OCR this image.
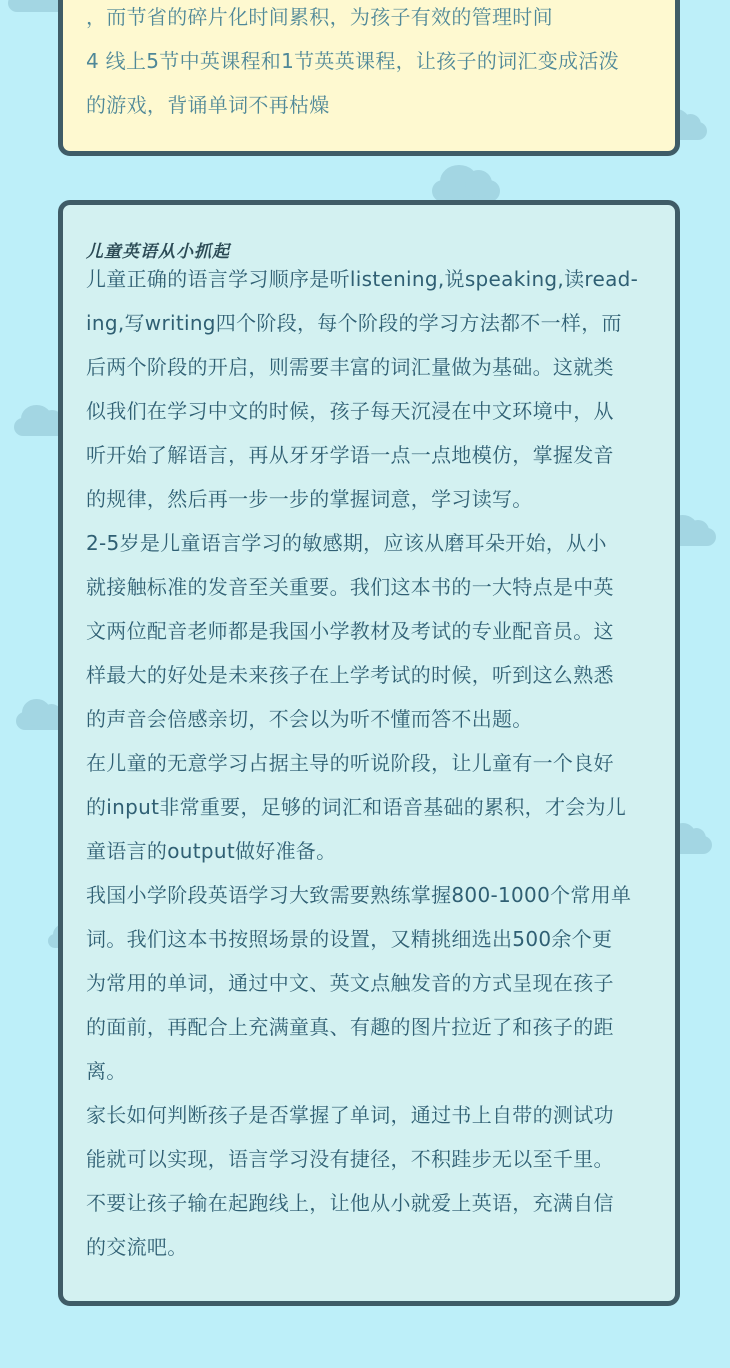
，而节省的碎片化时间累积，为孩子有效的管理时间

4 线上5节中英课程和1节英英课程，让孩子的词汇变成活泼

的游戏，背诵单词不再枯燥

儿童英语从小抓起

儿童正确的语言学习顺序是听listening,说speaking,读read-

ing,写writing四个阶段，每个阶段的学习方法都不一样，而

后两个阶段的开启，则需要丰富的词汇量做为基础。这就类

似我们在学习中文的时候，孩子每天沉浸在中文环境中，从

听开始了解语言，再从牙牙学语一点一点地模仿，掌握发音

的规律，然后再一步一步的掌握词意，学习读写。

2-5岁是儿童语言学习的敏感期，应该从磨耳朵开始，从小

就接触标准的发音至关重要。我们这本书的一大特点是中英

文两位配音老师都是我国小学教材及考试的专业配音员。这

样最大的好处是未来孩子在上学考试的时候，听到这么熟悉

的声音会倍感亲切，不会以为听不懂而答不出题。

在儿童的无意学习占据主导的听说阶段，让儿童有一个良好

的input非常重要，足够的词汇和语音基础的累积，才会为儿

童语言的output做好准备。

我国小学阶段英语学习大致需要熟练掌握800-1000个常用单

词。我们这本书按照场景的设置，又精挑细选出500余个更

为常用的单词，通过中文、英文点触发音的方式呈现在孩子

的面前，再配合上充满童真、有趣的图片拉近了和孩子的距

离。

家长如何判断孩子是否掌握了单词，通过书上自带的测试功

能就可以实现，语言学习没有捷径，不积跬步无以至千里。

不要让孩子输在起跑线上，让他从小就爱上英语，充满自信

的交流吧。
